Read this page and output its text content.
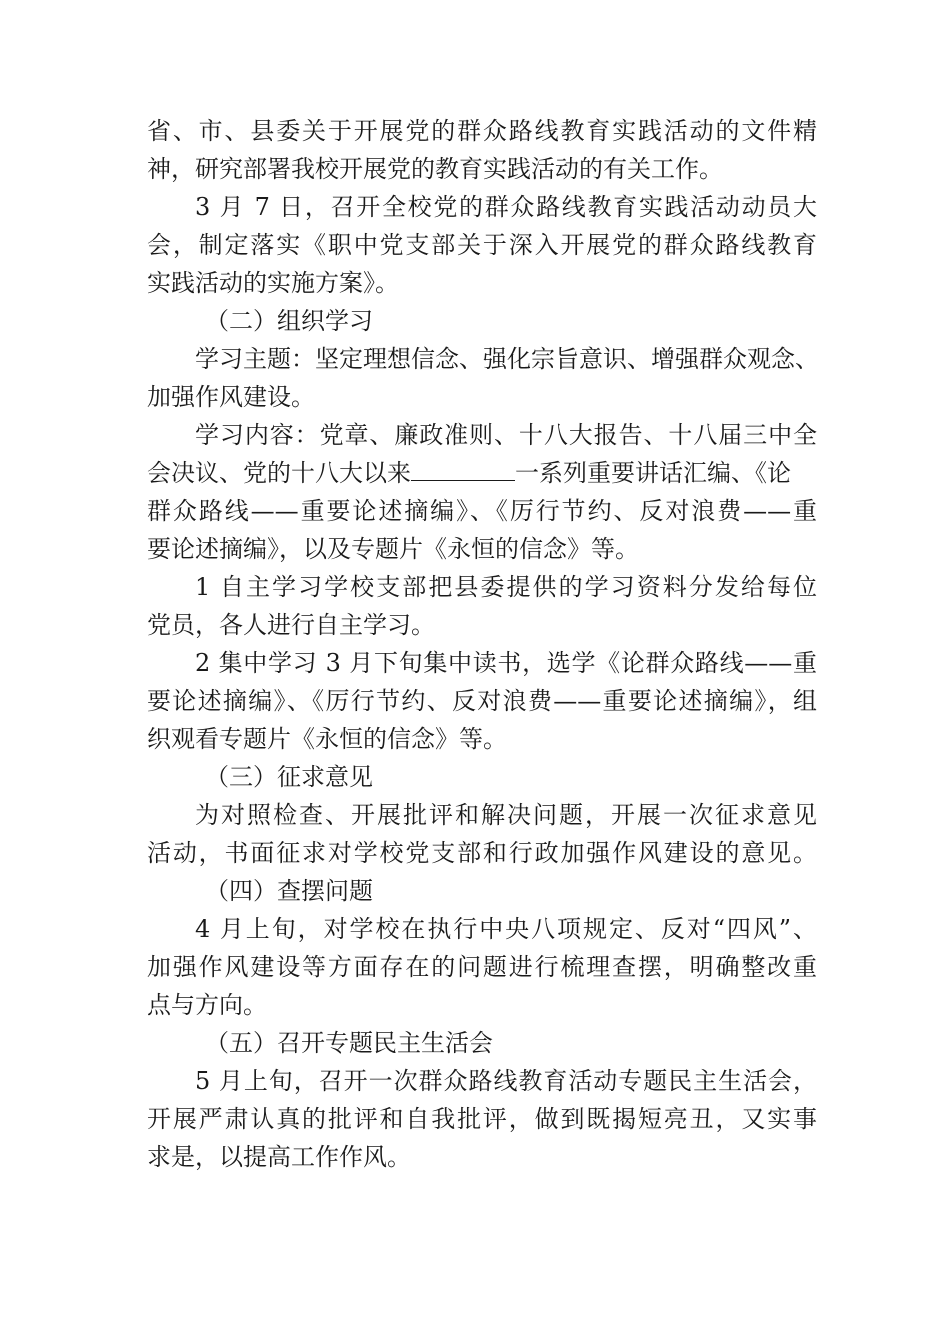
省、市、县委关于开展党的群众路线教育实践活动的文件精
神，研究部署我校开展党的教育实践活动的有关工作。
3 月 7 日，召开全校党的群众路线教育实践活动动员大
会，制定落实《职中党支部关于深入开展党的群众路线教育
实践活动的实施方案》。
（二）组织学习
学习主题：坚定理想信念、强化宗旨意识、增强群众观念、
加强作风建设。
学习内容：党章、廉政准则、十八大报告、十八届三中全
会决议、党的十八大以来	一系列重要讲话汇编、《论
群众路线——重要论述摘编》、《厉行节约、反对浪费——重
要论述摘编》，以及专题片《永恒的信念》等。
1 自主学习学校支部把县委提供的学习资料分发给每位
党员，各人进行自主学习。
2 集中学习 3 月下旬集中读书，选学《论群众路线——重
要论述摘编》、《厉行节约、反对浪费——重要论述摘编》，组
织观看专题片《永恒的信念》等。
（三）征求意见
为对照检查、开展批评和解决问题，开展一次征求意见
活动，书面征求对学校党支部和行政加强作风建设的意见。
（四）查摆问题
4 月上旬，对学校在执行中央八项规定、反对“四风”、
加强作风建设等方面存在的问题进行梳理查摆，明确整改重
点与方向。
（五）召开专题民主生活会
5 月上旬，召开一次群众路线教育活动专题民主生活会，
开展严肃认真的批评和自我批评，做到既揭短亮丑，又实事
求是，以提高工作作风。
